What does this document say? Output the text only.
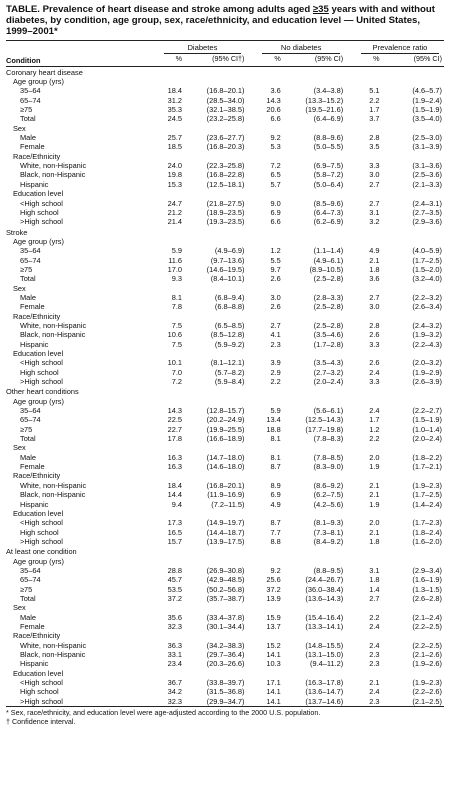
TABLE. Prevalence of heart disease and stroke among adults aged ≥35 years with and without diabetes, by condition, age group, sex, race/ethnicity, and education level — United States, 1999–2001*
Condition	Diabetes			No diabetes			Prevalence ratio	
	%	(95% CI†)		%	(95% CI)		%	(95% CI)
Coronary heart disease								
Age group (yrs)								
35–64	18.4	(16.8–20.1)		3.6	(3.4–3.8)		5.1	(4.6–5.7)
65–74	31.2	(28.5–34.0)		14.3	(13.3–15.2)		2.2	(1.9–2.4)
≥75	35.3	(32.1–38.5)		20.6	(19.5–21.6)		1.7	(1.5–1.9)
Total	24.5	(23.2–25.8)		6.6	(6.4–6.9)		3.7	(3.5–4.0)
Sex								
Male	25.7	(23.6–27.7)		9.2	(8.8–9.6)		2.8	(2.5–3.0)
Female	18.5	(16.8–20.3)		5.3	(5.0–5.5)		3.5	(3.1–3.9)
Race/Ethnicity								
White, non-Hispanic	24.0	(22.3–25.8)		7.2	(6.9–7.5)		3.3	(3.1–3.6)
Black, non-Hispanic	19.8	(16.8–22.8)		6.5	(5.8–7.2)		3.0	(2.5–3.6)
Hispanic	15.3	(12.5–18.1)		5.7	(5.0–6.4)		2.7	(2.1–3.3)
Education level								
<High school	24.7	(21.8–27.5)		9.0	(8.5–9.6)		2.7	(2.4–3.1)
High school	21.2	(18.9–23.5)		6.9	(6.4–7.3)		3.1	(2.7–3.5)
>High school	21.4	(19.3–23.5)		6.6	(6.2–6.9)		3.2	(2.9–3.6)
Stroke								
Age group (yrs)								
35–64	5.9	(4.9–6.9)		1.2	(1.1–1.4)		4.9	(4.0–5.9)
65–74	11.6	(9.7–13.6)		5.5	(4.9–6.1)		2.1	(1.7–2.5)
≥75	17.0	(14.6–19.5)		9.7	(8.9–10.5)		1.8	(1.5–2.0)
Total	9.3	(8.4–10.1)		2.6	(2.5–2.8)		3.6	(3.2–4.0)
Sex								
Male	8.1	(6.8–9.4)		3.0	(2.8–3.3)		2.7	(2.2–3.2)
Female	7.8	(6.8–8.8)		2.6	(2.5–2.8)		3.0	(2.6–3.4)
Race/Ethnicity								
White, non-Hispanic	7.5	(6.5–8.5)		2.7	(2.5–2.8)		2.8	(2.4–3.2)
Black, non-Hispanic	10.6	(8.5–12.8)		4.1	(3.5–4.6)		2.6	(1.9–3.2)
Hispanic	7.5	(5.9–9.2)		2.3	(1.7–2.8)		3.3	(2.2–4.3)
Education level								
<High school	10.1	(8.1–12.1)		3.9	(3.5–4.3)		2.6	(2.0–3.2)
High school	7.0	(5.7–8.2)		2.9	(2.7–3.2)		2.4	(1.9–2.9)
>High school	7.2	(5.9–8.4)		2.2	(2.0–2.4)		3.3	(2.6–3.9)
Other heart conditions								
Age group (yrs)								
35–64	14.3	(12.8–15.7)		5.9	(5.6–6.1)		2.4	(2.2–2.7)
65–74	22.5	(20.2–24.9)		13.4	(12.5–14.3)		1.7	(1.5–1.9)
≥75	22.7	(19.9–25.5)		18.8	(17.7–19.8)		1.2	(1.0–1.4)
Total	17.8	(16.6–18.9)		8.1	(7.8–8.3)		2.2	(2.0–2.4)
Sex								
Male	16.3	(14.7–18.0)		8.1	(7.8–8.5)		2.0	(1.8–2.2)
Female	16.3	(14.6–18.0)		8.7	(8.3–9.0)		1.9	(1.7–2.1)
Race/Ethnicity								
White, non-Hispanic	18.4	(16.8–20.1)		8.9	(8.6–9.2)		2.1	(1.9–2.3)
Black, non-Hispanic	14.4	(11.9–16.9)		6.9	(6.2–7.5)		2.1	(1.7–2.5)
Hispanic	9.4	(7.2–11.5)		4.9	(4.2–5.6)		1.9	(1.4–2.4)
Education level								
<High school	17.3	(14.9–19.7)		8.7	(8.1–9.3)		2.0	(1.7–2.3)
High school	16.5	(14.4–18.7)		7.7	(7.3–8.1)		2.1	(1.8–2.4)
>High school	15.7	(13.9–17.5)		8.8	(8.4–9.2)		1.8	(1.6–2.0)
At least one condition								
Age group (yrs)								
35–64	28.8	(26.9–30.8)		9.2	(8.8–9.5)		3.1	(2.9–3.4)
65–74	45.7	(42.9–48.5)		25.6	(24.4–26.7)		1.8	(1.6–1.9)
≥75	53.5	(50.2–56.8)		37.2	(36.0–38.4)		1.4	(1.3–1.5)
Total	37.2	(35.7–38.7)		13.9	(13.6–14.3)		2.7	(2.6–2.8)
Sex								
Male	35.6	(33.4–37.8)		15.9	(15.4–16.4)		2.2	(2.1–2.4)
Female	32.3	(30.1–34.4)		13.7	(13.3–14.1)		2.4	(2.2–2.5)
Race/Ethnicity								
White, non-Hispanic	36.3	(34.2–38.3)		15.2	(14.8–15.5)		2.4	(2.2–2.5)
Black, non-Hispanic	33.1	(29.7–36.4)		14.1	(13.1–15.0)		2.3	(2.1–2.6)
Hispanic	23.4	(20.3–26.6)		10.3	(9.4–11.2)		2.3	(1.9–2.6)
Education level								
<High school	36.7	(33.8–39.7)		17.1	(16.3–17.8)		2.1	(1.9–2.3)
High school	34.2	(31.5–36.8)		14.1	(13.6–14.7)		2.4	(2.2–2.6)
>High school	32.3	(29.9–34.7)		14.1	(13.7–14.6)		2.3	(2.1–2.5)
* Sex, race/ethnicity, and education level were age-adjusted according to the 2000 U.S. population.
† Confidence interval.
